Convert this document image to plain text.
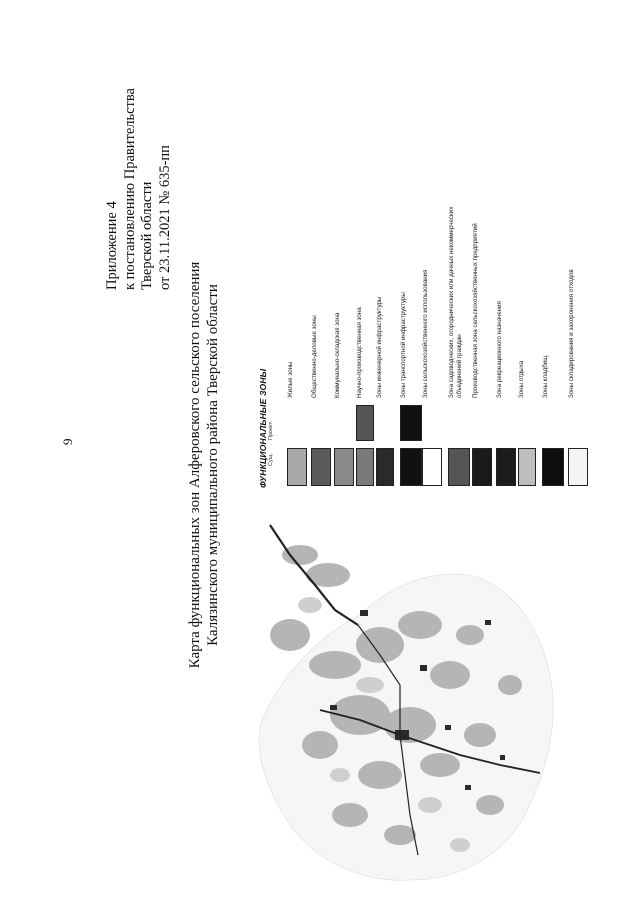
9
Приложение 4 к постановлению Правительства Тверской области от 23.11.2021 № 635-пп
Карта функциональных зон Алферовского сельского поселения Калязинского муниципального района Тверской области	ФУНКЦИОНАЛЬНЫЕ ЗОНЫ Сущ.
Проект.
Жилые зоны	Общественно-деловые зоны	Коммунально-складская зона Научно-производственная зона Зоны инженерной инфраструктуры	Зоны транспортной инфраструктуры Зоны сельскохозяйственного использования	Зона садоводческих, огороднических или дачных некоммерческих объединений граждан Производственная зона сельскохозяйственных предприятий	Зона рекреационного назначения Зоны отдыха	Зоны кладбищ	Зоны складирования и захоронения отходов
